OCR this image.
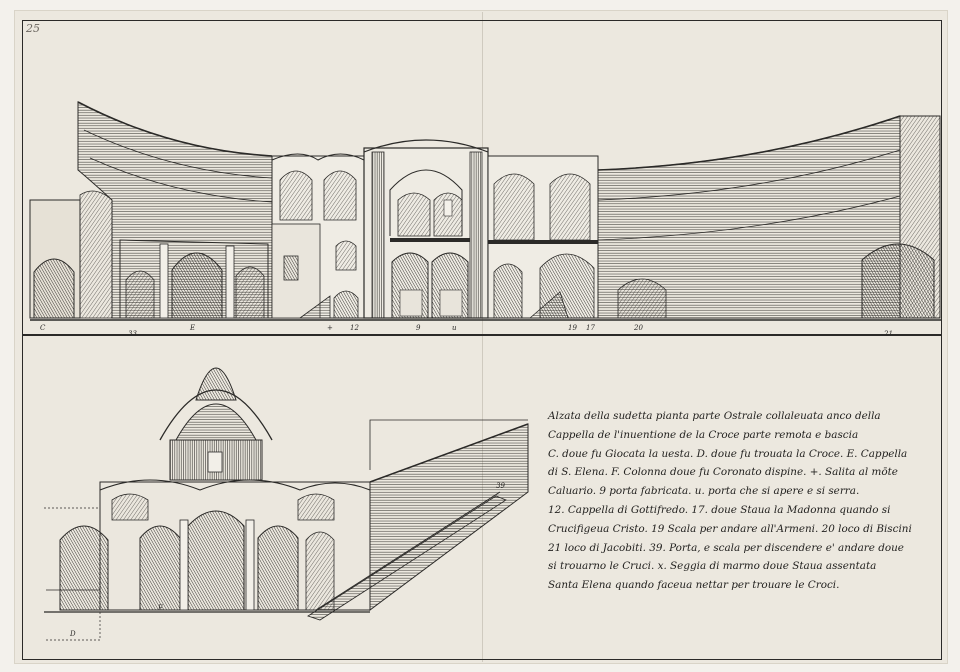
25
C
33
E	+ 12	9	u	19 17	20
21
39
D
E
Alzata della sudetta pianta parte Ostrale collaleuata anco della
Cappella de l'inuentione de la Croce parte remota e bascia
C. doue fu Giocata la uesta. D. doue fu trouata la Croce. E. Cappella
di S. Elena. F. Colonna doue fu Coronato dispine. +. Salita al mōte
Caluario. 9 porta fabricata. u. porta che si apere e si serra.
12. Cappella di Gottifredo. 17. doue Staua la Madonna quando si
Crucifigeua Cristo. 19 Scala per andare all'Armeni. 20 loco di Biscini
21 loco di Jacobiti. 39. Porta, e scala per discendere e' andare doue
si trouarno le Cruci. x. Seggia di marmo doue Staua assentata
Santa Elena quando faceua nettar per trouare le Croci.
